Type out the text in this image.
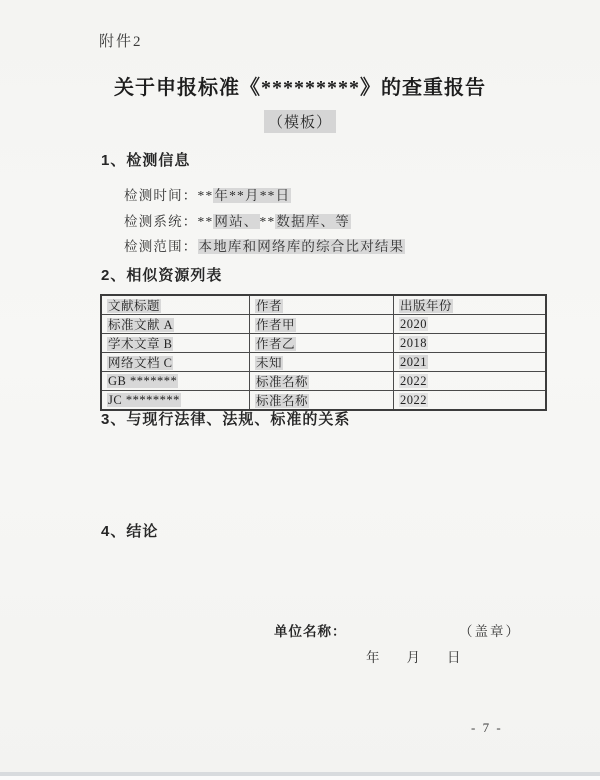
附件2
关于申报标准《*********》的查重报告
（模板）
1、检测信息
检测时间：**年**月**日
检测系统：**网站、**数据库、等
检测范围：本地库和网络库的综合比对结果
2、相似资源列表
文献标题	作者	出版年份
标准文献 A	作者甲	2020
学术文章 B	作者乙	2018
网络文档 C	未知	2021
GB *******	标准名称	2022
JC ********	标准名称	2022
3、与现行法律、法规、标准的关系
4、结论
单位名称：	（盖章）
年　　月　　日
- 7 -
